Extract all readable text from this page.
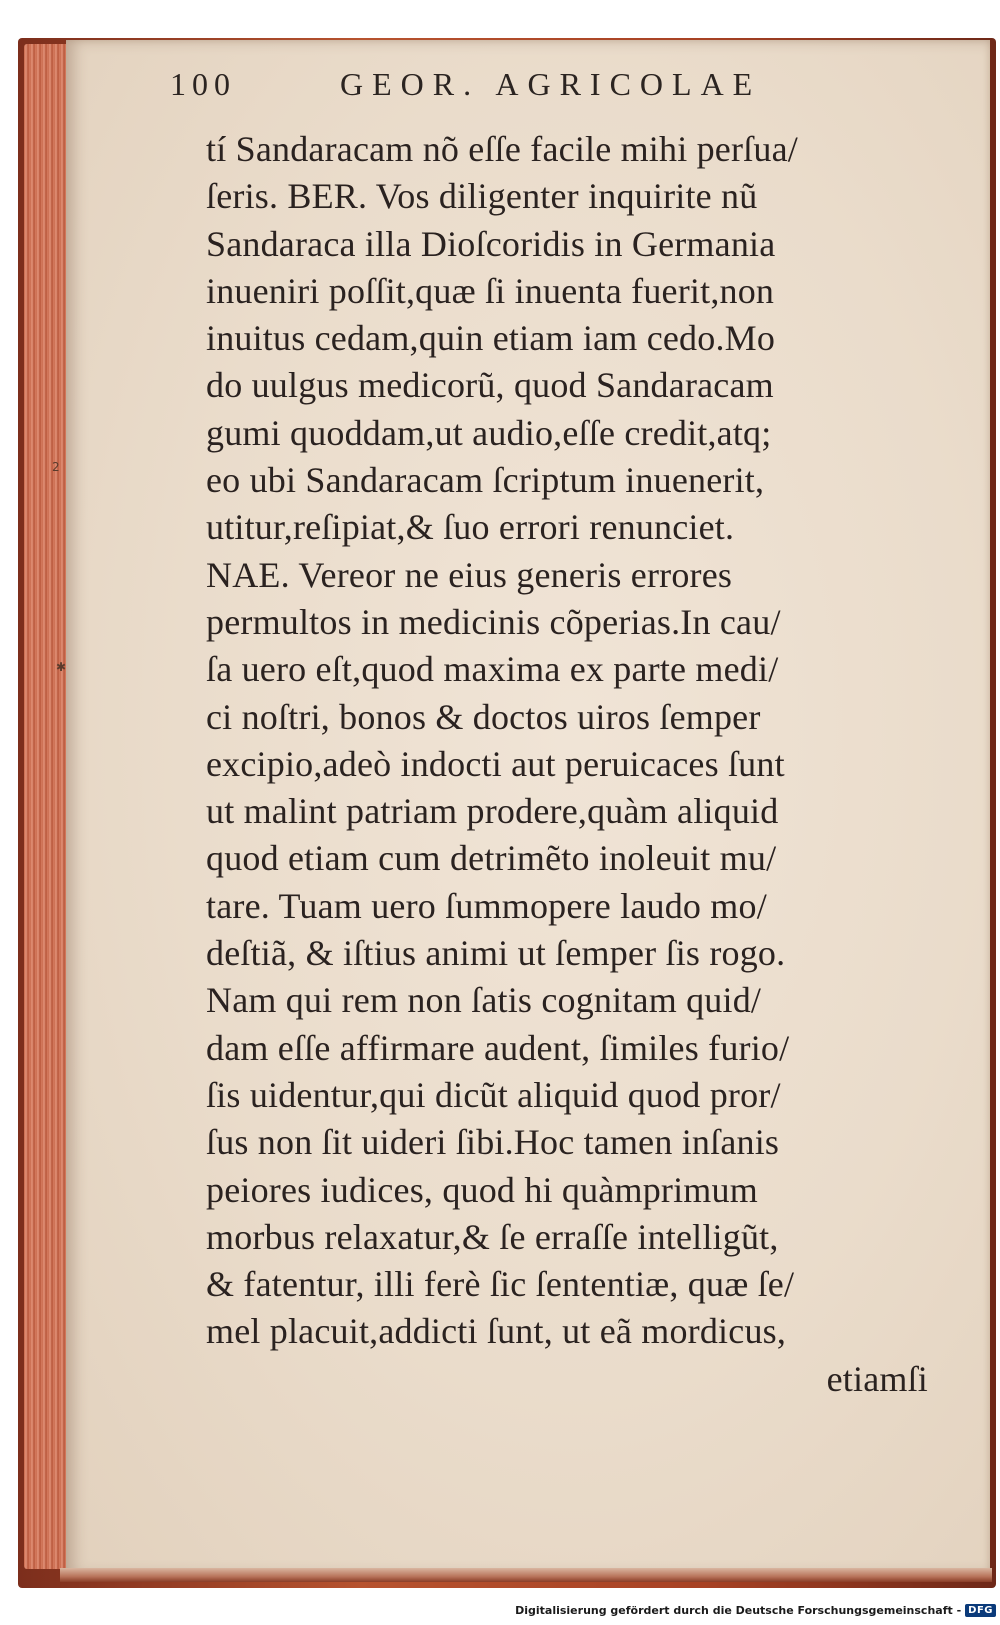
2
✱
100	GEOR. AGRICOLAE
tí Sandaracam nõ eſſe facile mihi perſua/
ſeris. BER. Vos diligenter inquirite nũ
Sandaraca illa Dioſcoridis in Germania
inueniri poſſit,quæ ſi inuenta fuerit,non
inuitus cedam,quin etiam iam cedo.Mo
do uulgus medicorũ, quod Sandaracam
gumi quoddam,ut audio,eſſe credit,atq;
eo ubi Sandaracam ſcriptum inuenerit,
utitur,reſipiat,& ſuo errori renunciet.
NAE. Vereor ne eius generis errores
permultos in medicinis cõperias.In cau/
ſa uero eſt,quod maxima ex parte medi/
ci noſtri, bonos & doctos uiros ſemper
excipio,adeò indocti aut peruicaces ſunt
ut malint patriam prodere,quàm aliquid
quod etiam cum detrimẽto inoleuit mu/
tare. Tuam uero ſummopere laudo mo/
deſtiã, & iſtius animi ut ſemper ſis rogo.
Nam qui rem non ſatis cognitam quid/
dam eſſe affirmare audent, ſimiles furio/
ſis uidentur,qui dicũt aliquid quod pror/
ſus non ſit uideri ſibi.Hoc tamen inſanis
peiores iudices, quod hi quàmprimum
morbus relaxatur,& ſe erraſſe intelligũt,
& fatentur, illi ferè ſic ſententiæ, quæ ſe/
mel placuit,addicti ſunt, ut eã mordicus,
etiamſi
Digitalisierung gefördert durch die Deutsche Forschungsgemeinschaft - DFG
